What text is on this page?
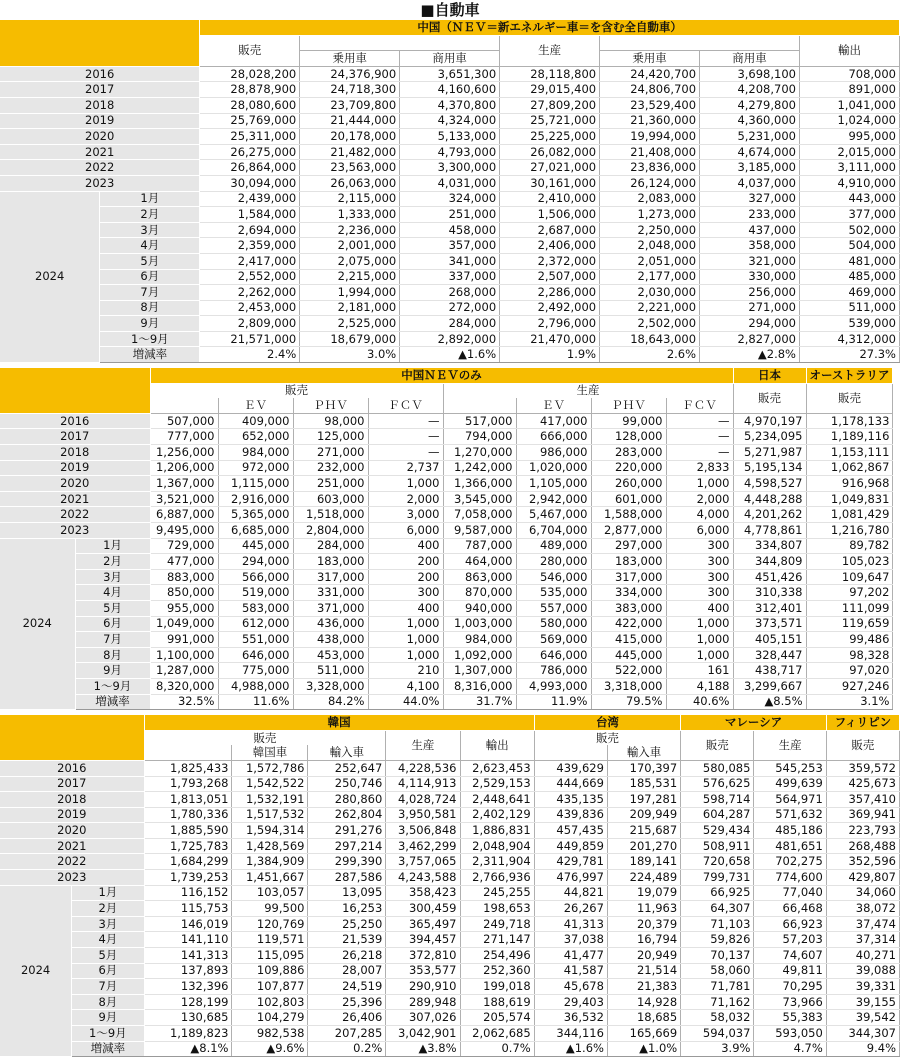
■自動車
		中国（ＮＥＶ＝新エネルギー車＝を含む全自動車）						
		販売			生産			輸出
			乗用車	商用車		乗用車	商用車	
2016		28,028,200	24,376,900	3,651,300	28,118,800	24,420,700	3,698,100	708,000
2017		28,878,900	24,718,300	4,160,600	29,015,400	24,806,700	4,208,700	891,000
2018		28,080,600	23,709,800	4,370,800	27,809,200	23,529,400	4,279,800	1,041,000
2019		25,769,000	21,444,000	4,324,000	25,721,000	21,360,000	4,360,000	1,024,000
2020		25,311,000	20,178,000	5,133,000	25,225,000	19,994,000	5,231,000	995,000
2021		26,275,000	21,482,000	4,793,000	26,082,000	21,408,000	4,674,000	2,015,000
2022		26,864,000	23,563,000	3,300,000	27,021,000	23,836,000	3,185,000	3,111,000
2023		30,094,000	26,063,000	4,031,000	30,161,000	26,124,000	4,037,000	4,910,000
2024	1月	2,439,000	2,115,000	324,000	2,410,000	2,083,000	327,000	443,000
	2月	1,584,000	1,333,000	251,000	1,506,000	1,273,000	233,000	377,000
	3月	2,694,000	2,236,000	458,000	2,687,000	2,250,000	437,000	502,000
	4月	2,359,000	2,001,000	357,000	2,406,000	2,048,000	358,000	504,000
	5月	2,417,000	2,075,000	341,000	2,372,000	2,051,000	321,000	481,000
	6月	2,552,000	2,215,000	337,000	2,507,000	2,177,000	330,000	485,000
	7月	2,262,000	1,994,000	268,000	2,286,000	2,030,000	256,000	469,000
	8月	2,453,000	2,181,000	272,000	2,492,000	2,221,000	271,000	511,000
	9月	2,809,000	2,525,000	284,000	2,796,000	2,502,000	294,000	539,000
	1～9月	21,571,000	18,679,000	2,892,000	21,470,000	18,643,000	2,827,000	4,312,000
	増減率	2.4%	3.0%	▲1.6%	1.9%	2.6%	▲2.8%	27.3%
		中国ＮＥＶのみ								日本	オーストラリア
		販売				生産				販売	販売
			ＥＶ	ＰＨＶ	ＦＣＶ		ＥＶ	ＰＨＶ	ＦＣＶ		
2016		507,000	409,000	98,000	—	517,000	417,000	99,000	—	4,970,197	1,178,133
2017		777,000	652,000	125,000	—	794,000	666,000	128,000	—	5,234,095	1,189,116
2018		1,256,000	984,000	271,000	—	1,270,000	986,000	283,000	—	5,271,987	1,153,111
2019		1,206,000	972,000	232,000	2,737	1,242,000	1,020,000	220,000	2,833	5,195,134	1,062,867
2020		1,367,000	1,115,000	251,000	1,000	1,366,000	1,105,000	260,000	1,000	4,598,527	916,968
2021		3,521,000	2,916,000	603,000	2,000	3,545,000	2,942,000	601,000	2,000	4,448,288	1,049,831
2022		6,887,000	5,365,000	1,518,000	3,000	7,058,000	5,467,000	1,588,000	4,000	4,201,262	1,081,429
2023		9,495,000	6,685,000	2,804,000	6,000	9,587,000	6,704,000	2,877,000	6,000	4,778,861	1,216,780
2024	1月	729,000	445,000	284,000	400	787,000	489,000	297,000	300	334,807	89,782
	2月	477,000	294,000	183,000	200	464,000	280,000	183,000	300	344,809	105,023
	3月	883,000	566,000	317,000	200	863,000	546,000	317,000	300	451,426	109,647
	4月	850,000	519,000	331,000	300	870,000	535,000	334,000	300	310,338	97,202
	5月	955,000	583,000	371,000	400	940,000	557,000	383,000	400	312,401	111,099
	6月	1,049,000	612,000	436,000	1,000	1,003,000	580,000	422,000	1,000	373,571	119,659
	7月	991,000	551,000	438,000	1,000	984,000	569,000	415,000	1,000	405,151	99,486
	8月	1,100,000	646,000	453,000	1,000	1,092,000	646,000	445,000	1,000	328,447	98,328
	9月	1,287,000	775,000	511,000	210	1,307,000	786,000	522,000	161	438,717	97,020
	1～9月	8,320,000	4,988,000	3,328,000	4,100	8,316,000	4,993,000	3,318,000	4,188	3,299,667	927,246
	増減率	32.5%	11.6%	84.2%	44.0%	31.7%	11.9%	79.5%	40.6%	▲8.5%	3.1%
		韓国					台湾		マレーシア		フィリピン
		販売			生産	輸出	販売		販売	生産	販売
			韓国車	輸入車				輸入車			
2016		1,825,433	1,572,786	252,647	4,228,536	2,623,453	439,629	170,397	580,085	545,253	359,572
2017		1,793,268	1,542,522	250,746	4,114,913	2,529,153	444,669	185,531	576,625	499,639	425,673
2018		1,813,051	1,532,191	280,860	4,028,724	2,448,641	435,135	197,281	598,714	564,971	357,410
2019		1,780,336	1,517,532	262,804	3,950,581	2,402,129	439,836	209,949	604,287	571,632	369,941
2020		1,885,590	1,594,314	291,276	3,506,848	1,886,831	457,435	215,687	529,434	485,186	223,793
2021		1,725,783	1,428,569	297,214	3,462,299	2,048,904	449,859	201,270	508,911	481,651	268,488
2022		1,684,299	1,384,909	299,390	3,757,065	2,311,904	429,781	189,141	720,658	702,275	352,596
2023		1,739,253	1,451,667	287,586	4,243,588	2,766,936	476,997	224,489	799,731	774,600	429,807
2024	1月	116,152	103,057	13,095	358,423	245,255	44,821	19,079	66,925	77,040	34,060
	2月	115,753	99,500	16,253	300,459	198,653	26,267	11,963	64,307	66,468	38,072
	3月	146,019	120,769	25,250	365,497	249,718	41,313	20,379	71,103	66,923	37,474
	4月	141,110	119,571	21,539	394,457	271,147	37,038	16,794	59,826	57,203	37,314
	5月	141,313	115,095	26,218	372,810	254,496	41,477	20,949	70,137	74,607	40,271
	6月	137,893	109,886	28,007	353,577	252,360	41,587	21,514	58,060	49,811	39,088
	7月	132,396	107,877	24,519	290,910	199,018	45,678	21,383	71,781	70,295	39,331
	8月	128,199	102,803	25,396	289,948	188,619	29,403	14,928	71,162	73,966	39,155
	9月	130,685	104,279	26,406	307,026	205,574	36,532	18,685	58,032	55,383	39,542
	1～9月	1,189,823	982,538	207,285	3,042,901	2,062,685	344,116	165,669	594,037	593,050	344,307
	増減率	▲8.1%	▲9.6%	0.2%	▲3.8%	0.7%	▲1.6%	▲1.0%	3.9%	4.7%	9.4%
